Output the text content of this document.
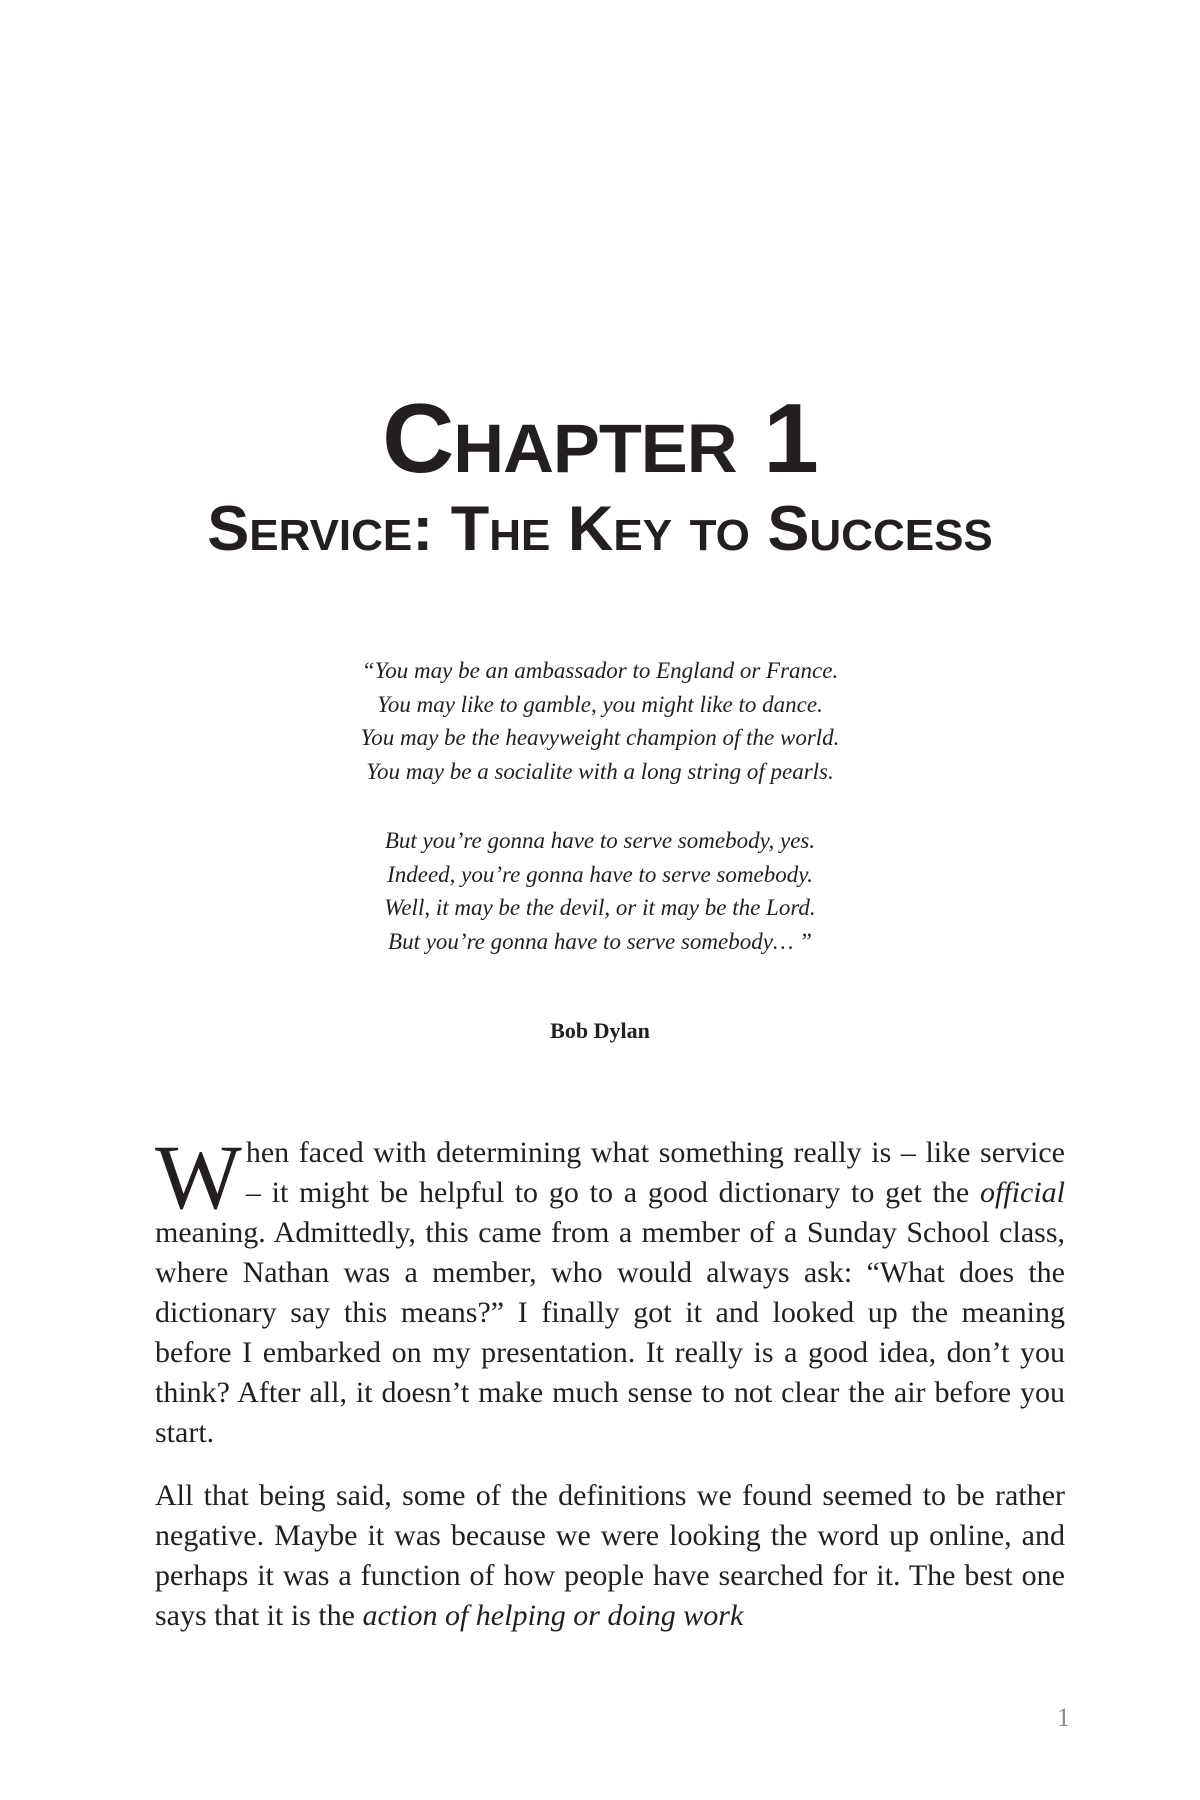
Chapter 1
Service: The Key to Success
“You may be an ambassador to England or France.
You may like to gamble, you might like to dance.
You may be the heavyweight champion of the world.
You may be a socialite with a long string of pearls.
But you’re gonna have to serve somebody, yes.
Indeed, you’re gonna have to serve somebody.
Well, it may be the devil, or it may be the Lord.
But you’re gonna have to serve somebody… ”
Bob Dylan

When faced with determining what something really is – like service – it might be helpful to go to a good dictionary to get the official meaning. Admittedly, this came from a member of a Sunday School class, where Nathan was a member, who would always ask: “What does the dictionary say this means?” I finally got it and looked up the meaning before I embarked on my presentation. It really is a good idea, don’t you think? After all, it doesn’t make much sense to not clear the air before you start.

All that being said, some of the definitions we found seemed to be rather negative. Maybe it was because we were looking the word up online, and perhaps it was a function of how people have searched for it. The best one says that it is the action of helping or doing work

1
